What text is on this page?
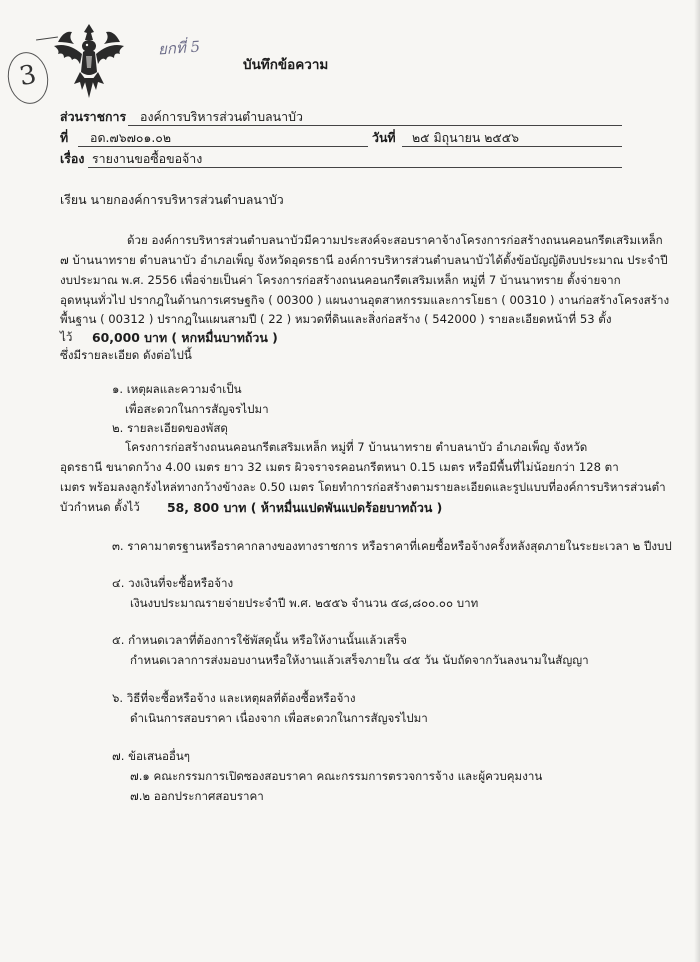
3
ยกที่ 5
บันทึกข้อความ
ส่วนราชการ องค์การบริหารส่วนตำบลนาบัว
ที่ อด.๗๖๗๐๑.๐๒	วันที่ ๒๕ มิถุนายน ๒๕๕๖
เรื่อง รายงานขอซื้อขอจ้าง
เรียน นายกองค์การบริหารส่วนตำบลนาบัว
ด้วย องค์การบริหารส่วนตำบลนาบัวมีความประสงค์จะสอบราคาจ้างโครงการก่อสร้างถนนคอนกรีตเสริมเหล็ก
๗ บ้านนาทราย ตำบลนาบัว อำเภอเพ็ญ จังหวัดอุดรธานี องค์การบริหารส่วนตำบลนาบัวได้ตั้งข้อบัญญัติงบประมาณ ประจำปี
งบประมาณ พ.ศ. 2556 เพื่อจ่ายเป็นค่า โครงการก่อสร้างถนนคอนกรีตเสริมเหล็ก หมู่ที่ 7 บ้านนาทราย ตั้งจ่ายจาก
อุดหนุนทั่วไป ปรากฎในด้านการเศรษฐกิจ ( 00300 ) แผนงานอุตสาหกรรมและการโยธา ( 00310 ) งานก่อสร้างโครงสร้าง
พื้นฐาน ( 00312 ) ปรากฎในแผนสามปี ( 22 ) หมวดที่ดินและสิ่งก่อสร้าง ( 542000 ) รายละเอียดหน้าที่ 53 ตั้ง
ไว้ 60,000 บาท ( หกหมื่นบาทถ้วน )
ซึ่งมีรายละเอียด ดังต่อไปนี้
๑. เหตุผลและความจำเป็น
เพื่อสะดวกในการสัญจรไปมา
๒. รายละเอียดของพัสดุ
โครงการก่อสร้างถนนคอนกรีตเสริมเหล็ก หมู่ที่ 7 บ้านนาทราย ตำบลนาบัว อำเภอเพ็ญ จังหวัด
อุดรธานี ขนาดกว้าง 4.00 เมตร ยาว 32 เมตร ผิวจราจรคอนกรีตหนา 0.15 เมตร หรือมีพื้นที่ไม่น้อยกว่า 128 ตา
เมตร พร้อมลงลูกรังไหล่ทางกว้างข้างละ 0.50 เมตร โดยทำการก่อสร้างตามรายละเอียดและรูปแบบที่องค์การบริหารส่วนตำ
บัวกำหนด ตั้งไว้ 58, 800 บาท ( ห้าหมื่นแปดพันแปดร้อยบาทถ้วน )
๓. ราคามาตรฐานหรือราคากลางของทางราชการ หรือราคาที่เคยซื้อหรือจ้างครั้งหลังสุดภายในระยะเวลา ๒ ปีงบป
๔. วงเงินที่จะซื้อหรือจ้าง
เงินงบประมาณรายจ่ายประจำปี พ.ศ. ๒๕๕๖ จำนวน ๕๘,๘๐๐.๐๐ บาท
๕. กำหนดเวลาที่ต้องการใช้พัสดุนั้น หรือให้งานนั้นแล้วเสร็จ
กำหนดเวลาการส่งมอบงานหรือให้งานแล้วเสร็จภายใน ๔๕ วัน นับถัดจากวันลงนามในสัญญา
๖. วิธีที่จะซื้อหรือจ้าง และเหตุผลที่ต้องซื้อหรือจ้าง
ดำเนินการสอบราคา เนื่องจาก เพื่อสะดวกในการสัญจรไปมา
๗. ข้อเสนออื่นๆ
๗.๑ คณะกรรมการเปิดซองสอบราคา คณะกรรมการตรวจการจ้าง และผู้ควบคุมงาน
๗.๒ ออกประกาศสอบราคา
